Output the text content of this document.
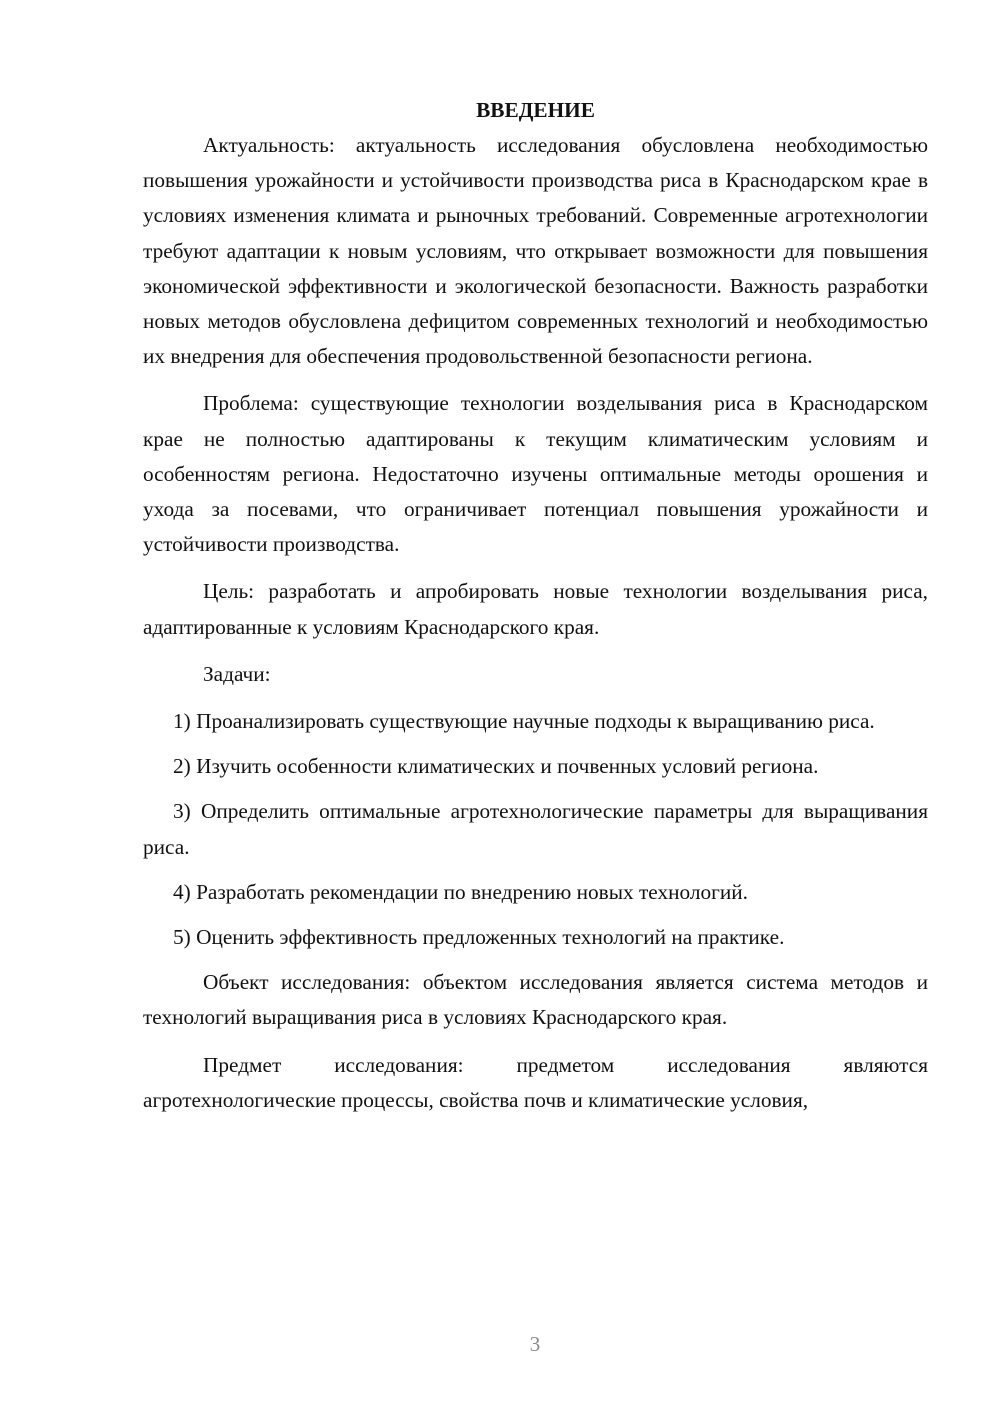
ВВЕДЕНИЕ

Актуальность: актуальность исследования обусловлена необходимостью повышения урожайности и устойчивости производства риса в Краснодарском крае в условиях изменения климата и рыночных требований. Современные агротехнологии требуют адаптации к новым условиям, что открывает возможности для повышения экономической эффективности и экологической безопасности. Важность разработки новых методов обусловлена дефицитом современных технологий и необходимостью их внедрения для обеспечения продовольственной безопасности региона.

Проблема: существующие технологии возделывания риса в Краснодарском крае не полностью адаптированы к текущим климатическим условиям и особенностям региона. Недостаточно изучены оптимальные методы орошения и ухода за посевами, что ограничивает потенциал повышения урожайности и устойчивости производства.

Цель: разработать и апробировать новые технологии возделывания риса, адаптированные к условиям Краснодарского края.

Задачи:

1) Проанализировать существующие научные подходы к выращиванию риса.

2) Изучить особенности климатических и почвенных условий региона.

3) Определить оптимальные агротехнологические параметры для выращивания риса.

4) Разработать рекомендации по внедрению новых технологий.

5) Оценить эффективность предложенных технологий на практике.

Объект исследования: объектом исследования является система методов и технологий выращивания риса в условиях Краснодарского края.

Предмет исследования: предметом исследования являются агротехнологические процессы, свойства почв и климатические условия,

3
